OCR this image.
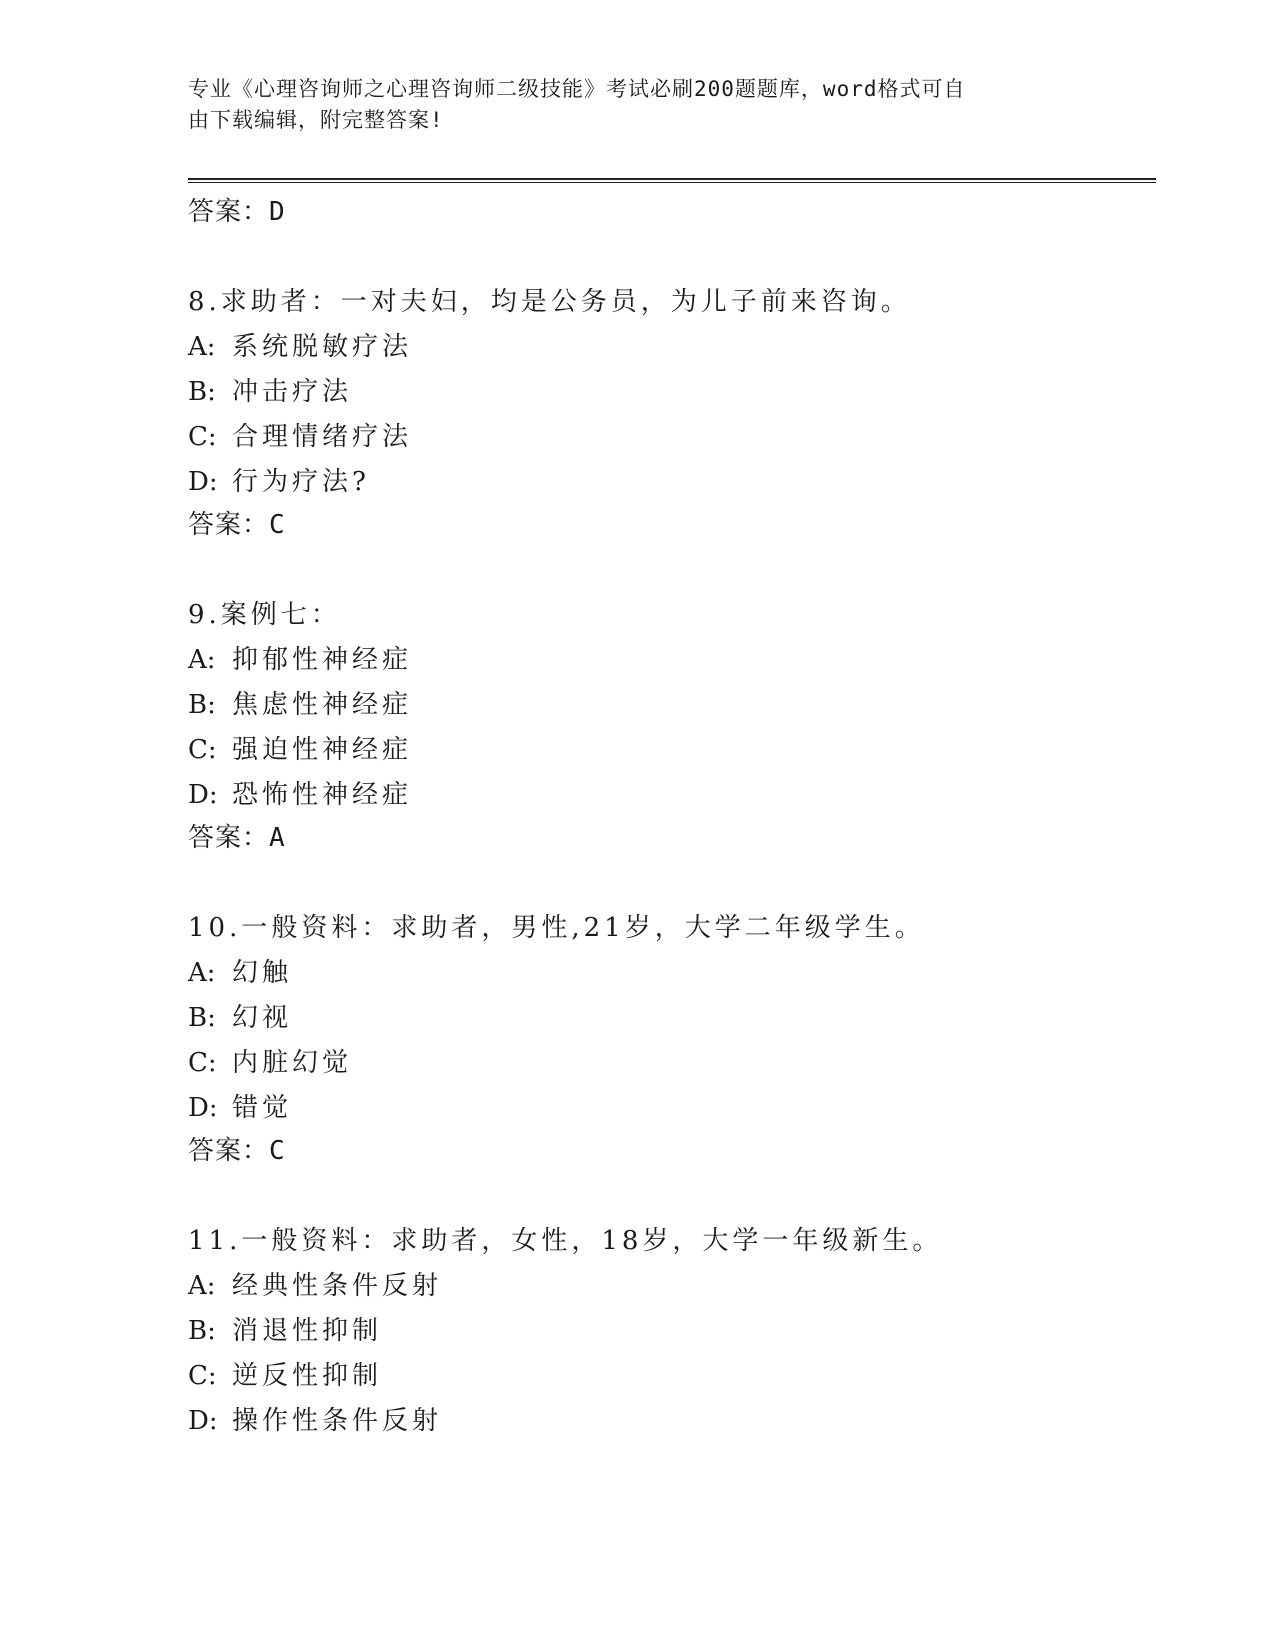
专业《心理咨询师之心理咨询师二级技能》考试必刷200题题库，word格式可自
由下载编辑，附完整答案!
答案：D
8.求助者：一对夫妇，均是公务员，为儿子前来咨询。
A: 系统脱敏疗法
B: 冲击疗法
C: 合理情绪疗法
D: 行为疗法?
答案：C
9.案例七：
A: 抑郁性神经症
B: 焦虑性神经症
C: 强迫性神经症
D: 恐怖性神经症
答案：A
10.一般资料：求助者，男性,21岁，大学二年级学生。
A: 幻触
B: 幻视
C: 内脏幻觉
D: 错觉
答案：C
11.一般资料：求助者，女性，18岁，大学一年级新生。
A: 经典性条件反射
B: 消退性抑制
C: 逆反性抑制
D: 操作性条件反射
